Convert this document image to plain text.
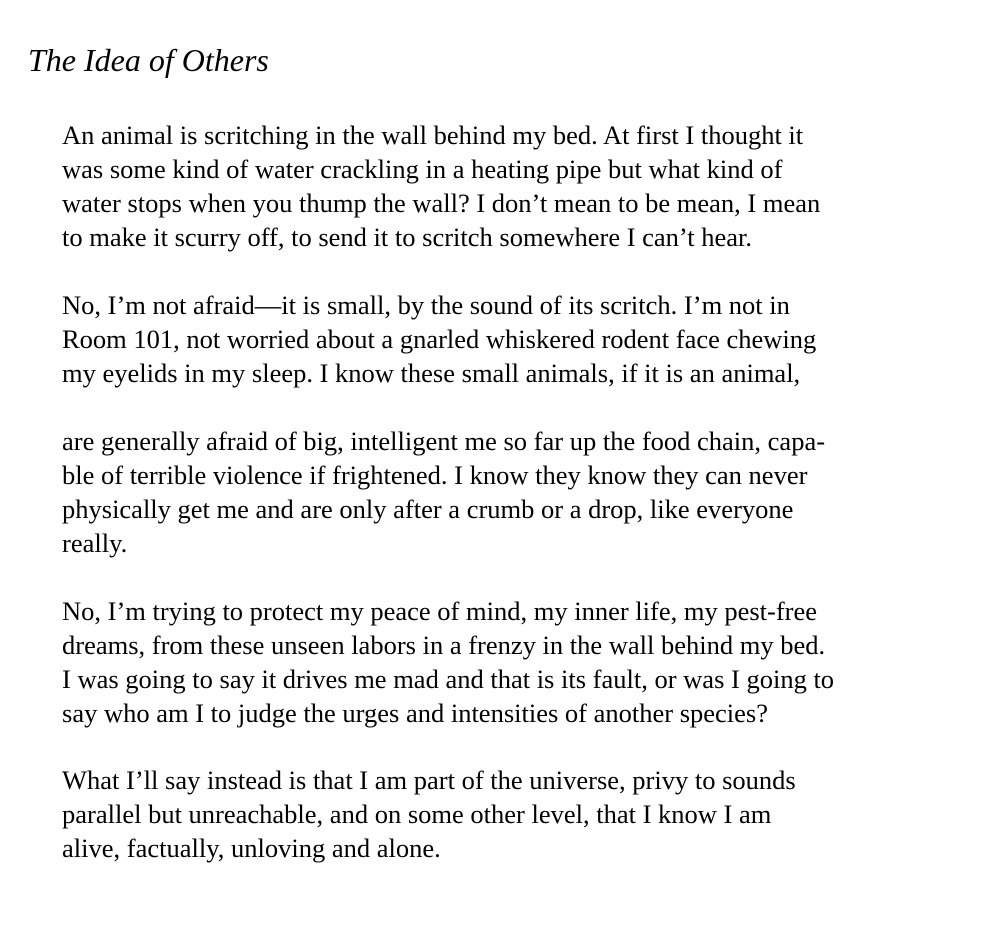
The Idea of Others
An animal is scritching in the wall behind my bed. At first I thought it
was some kind of water crackling in a heating pipe but what kind of
water stops when you thump the wall? I don’t mean to be mean, I mean
to make it scurry off, to send it to scritch somewhere I can’t hear.
No, I’m not afraid—it is small, by the sound of its scritch. I’m not in
Room 101, not worried about a gnarled whiskered rodent face chewing
my eyelids in my sleep. I know these small animals, if it is an animal,
are generally afraid of big, intelligent me so far up the food chain, capa-
ble of terrible violence if frightened. I know they know they can never
physically get me and are only after a crumb or a drop, like everyone
really.
No, I’m trying to protect my peace of mind, my inner life, my pest-free
dreams, from these unseen labors in a frenzy in the wall behind my bed.
I was going to say it drives me mad and that is its fault, or was I going to
say who am I to judge the urges and intensities of another species?
What I’ll say instead is that I am part of the universe, privy to sounds
parallel but unreachable, and on some other level, that I know I am
alive, factually, unloving and alone.
